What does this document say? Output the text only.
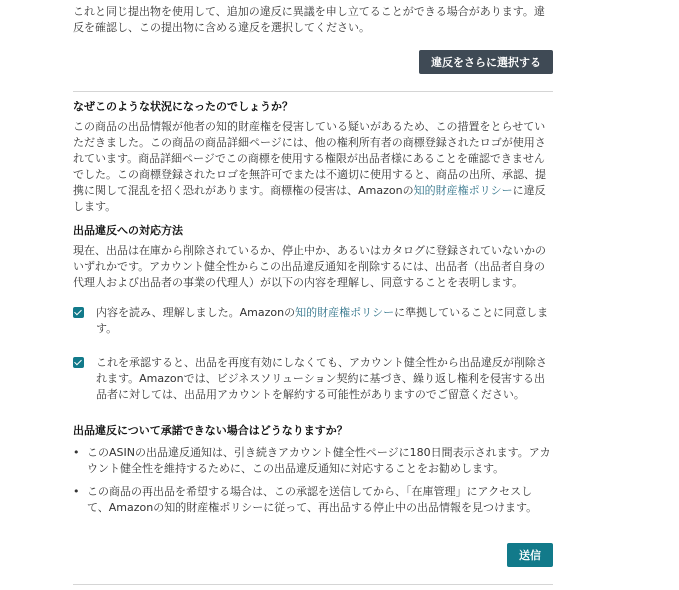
これと同じ提出物を使用して、追加の違反に異議を申し立てることができる場合があります。違反を確認し、この提出物に含める違反を選択してください。

違反をさらに選択する
なぜこのような状況になったのでしょうか？

この商品の出品情報が他者の知的財産権を侵害している疑いがあるため、この措置をとらせていただきました。この商品の商品詳細ページには、他の権利所有者の商標登録されたロゴが使用されています。商品詳細ページでこの商標を使用する権限が出品者様にあることを確認できませんでした。この商標登録されたロゴを無許可でまたは不適切に使用すると、商品の出所、承認、提携に関して混乱を招く恐れがあります。商標権の侵害は、Amazonの知的財産権ポリシーに違反します。

出品違反への対応方法

現在、出品は在庫から削除されているか、停止中か、あるいはカタログに登録されていないかのいずれかです。アカウント健全性からこの出品違反通知を削除するには、出品者（出品者自身の代理人および出品者の事業の代理人）が以下の内容を理解し、同意することを表明します。

内容を読み、理解しました。Amazonの知的財産権ポリシーに準拠していることに同意します。

これを承認すると、出品を再度有効にしなくても、アカウント健全性から出品違反が削除されます。Amazonでは、ビジネスソリューション契約に基づき、繰り返し権利を侵害する出品者に対しては、出品用アカウントを解約する可能性がありますのでご留意ください。

出品違反について承諾できない場合はどうなりますか？
• このASINの出品違反通知は、引き続きアカウント健全性ページに180日間表示されます。アカウント健全性を維持するために、この出品違反通知に対応することをお勧めします。
• この商品の再出品を希望する場合は、この承認を送信してから、「在庫管理」にアクセスして、Amazonの知的財産権ポリシーに従って、再出品する停止中の出品情報を見つけます。
送信
